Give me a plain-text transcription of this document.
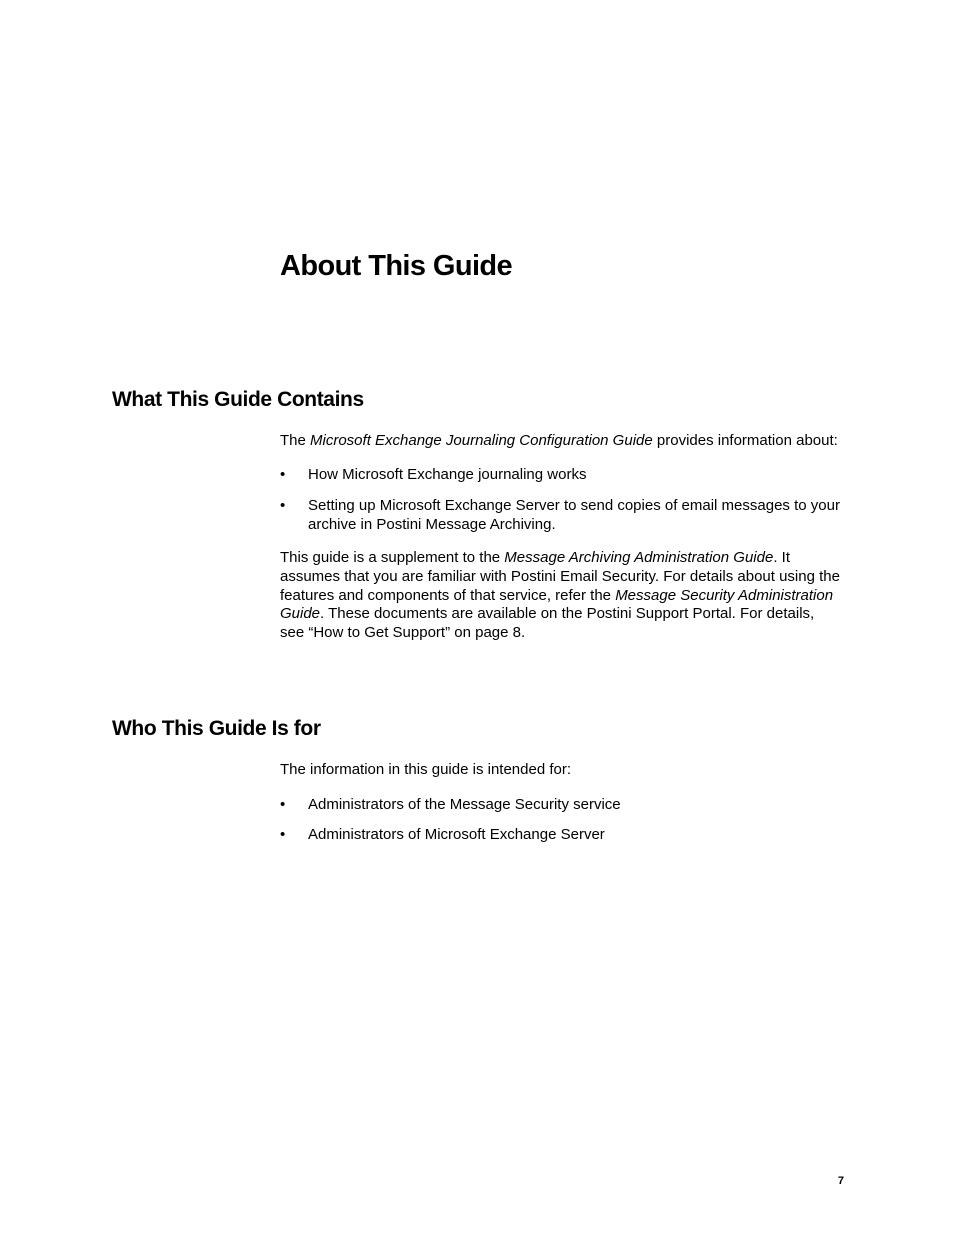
About This Guide
What This Guide Contains

The Microsoft Exchange Journaling Configuration Guide provides information about:

• How Microsoft Exchange journaling works
• Setting up Microsoft Exchange Server to send copies of email messages to your archive in Postini Message Archiving.

This guide is a supplement to the Message Archiving Administration Guide. It assumes that you are familiar with Postini Email Security. For details about using the features and components of that service, refer the Message Security Administration Guide. These documents are available on the Postini Support Portal. For details, see “How to Get Support” on page 8.

Who This Guide Is for

The information in this guide is intended for:

• Administrators of the Message Security service
• Administrators of Microsoft Exchange Server
7
